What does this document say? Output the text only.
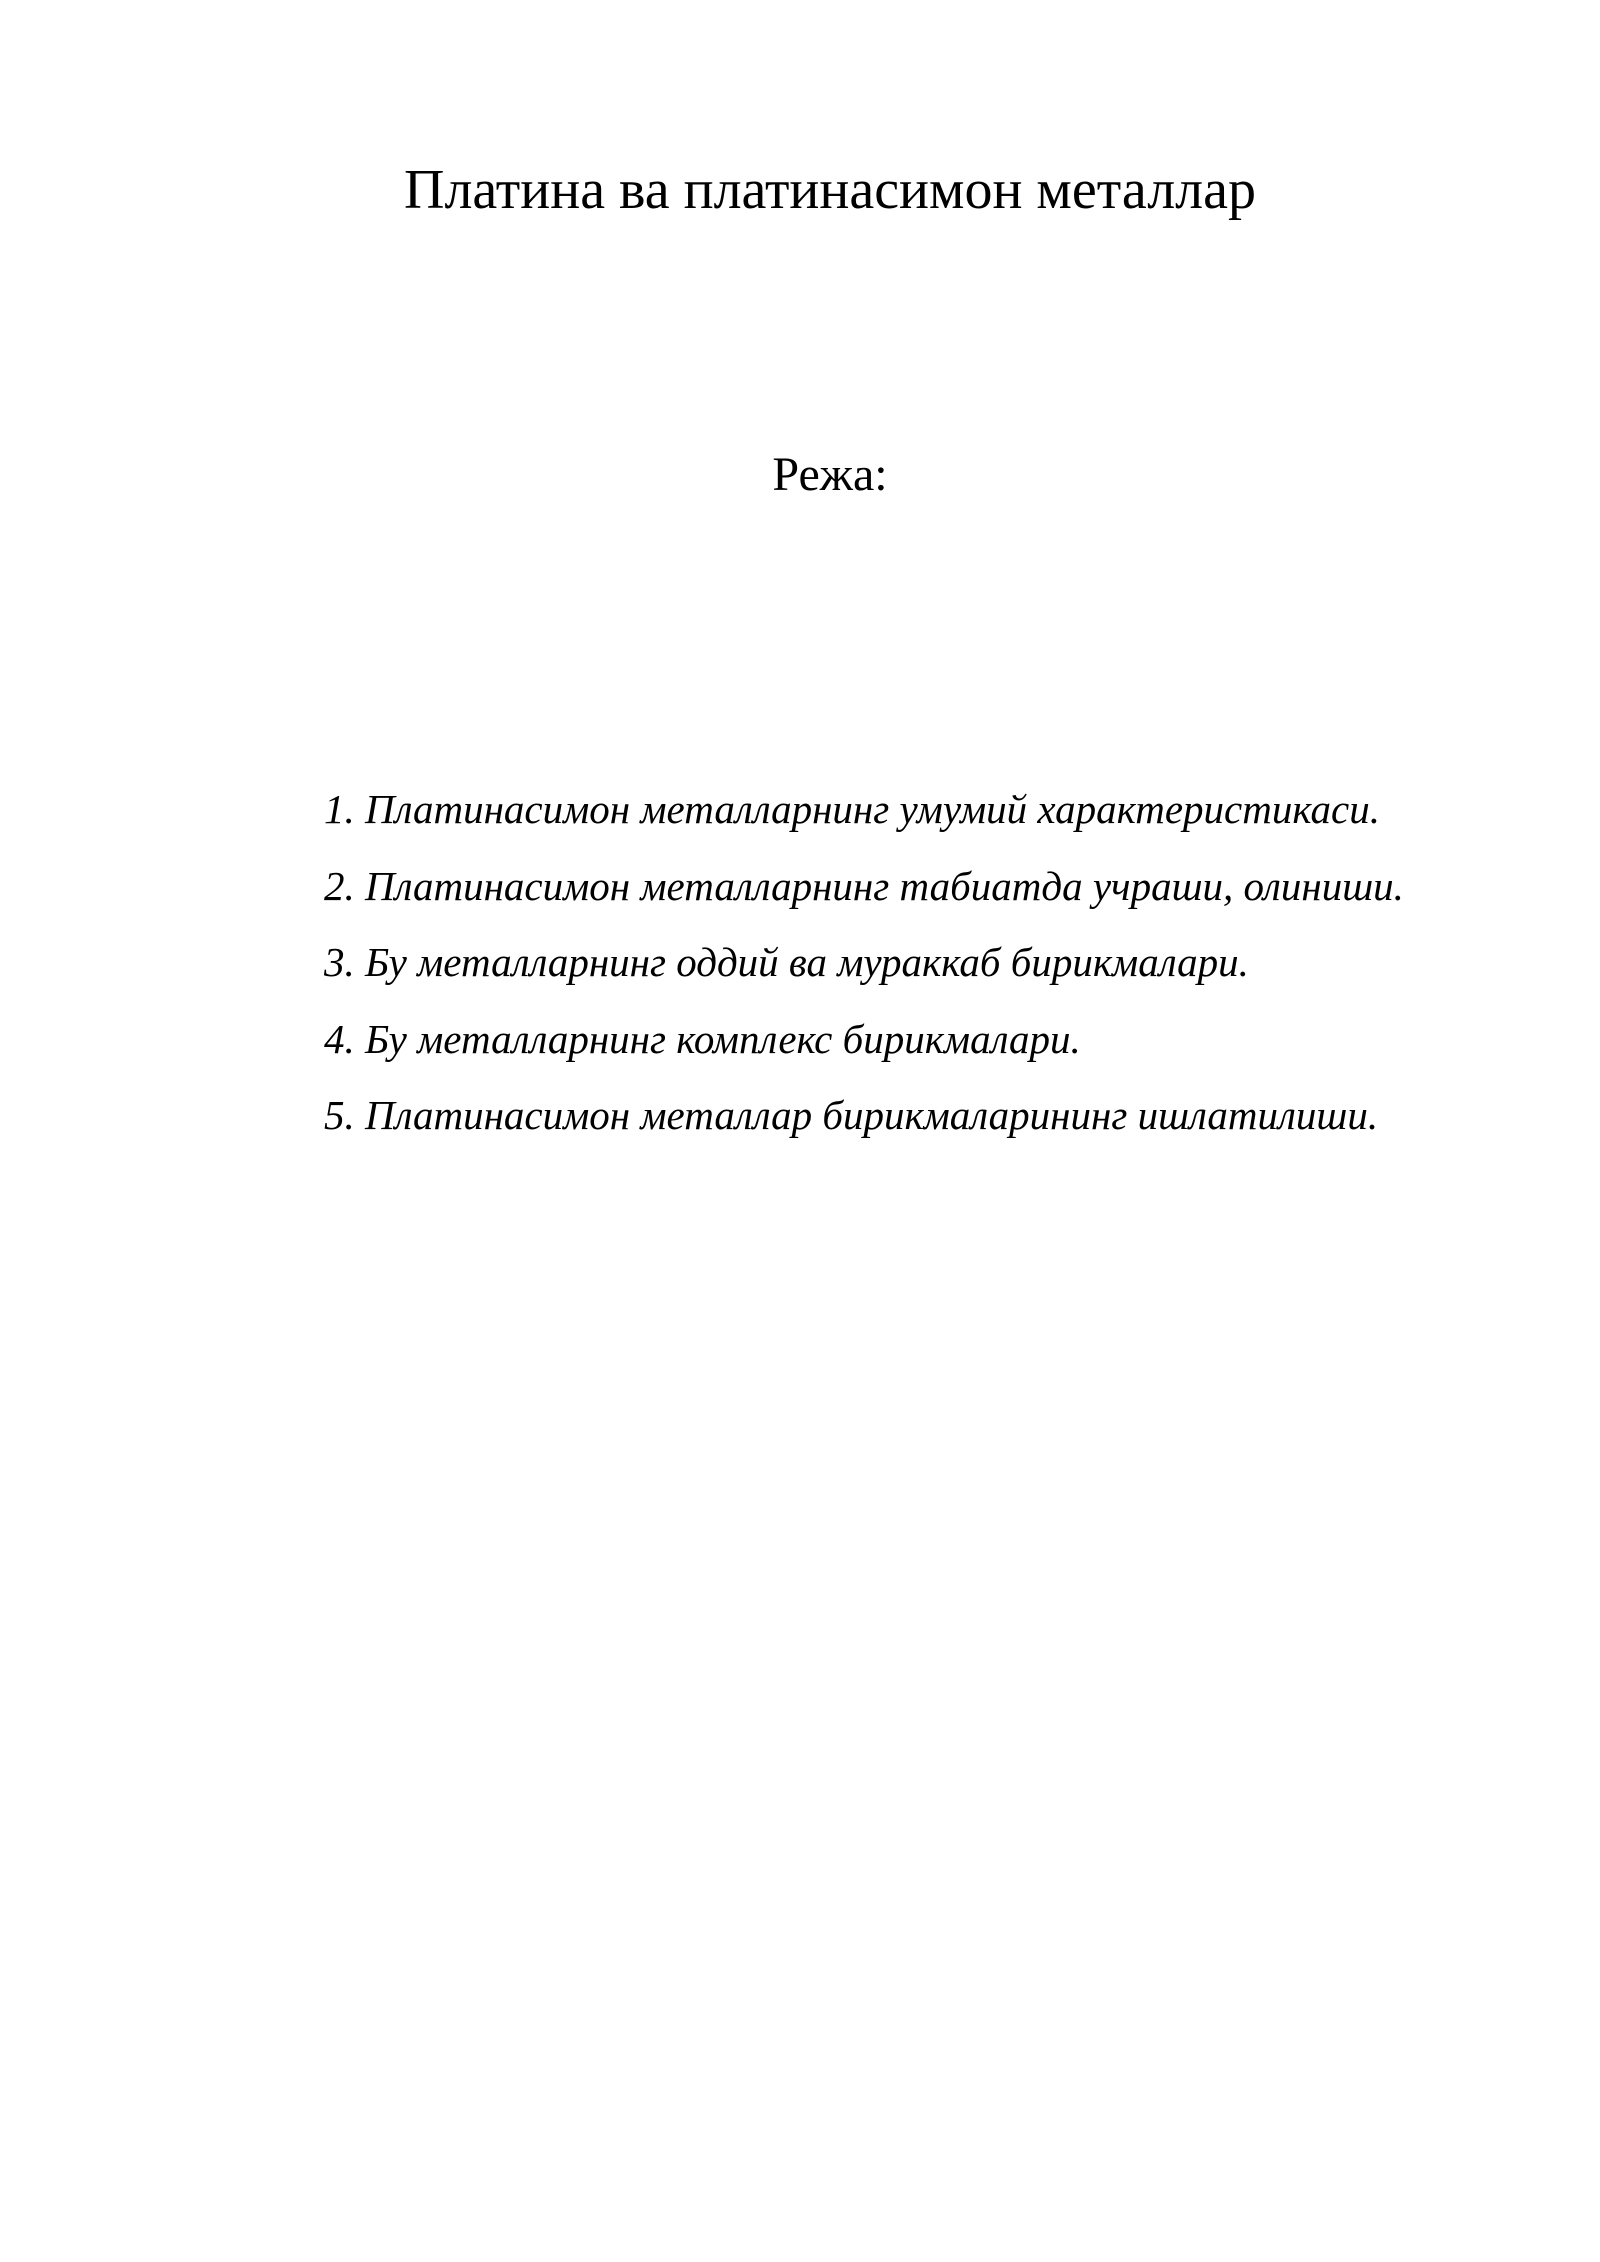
Платина ва платинасимон металлар
Режа:
1. Платинасимон металларнинг умумий характеристикаси.
2. Платинасимон металларнинг табиатда учраши, олиниши.
3. Бу металларнинг оддий ва мураккаб бирикмалари.
4. Бу металларнинг комплекс бирикмалари.
5. Платинасимон металлар бирикмаларининг ишлатилиши.
